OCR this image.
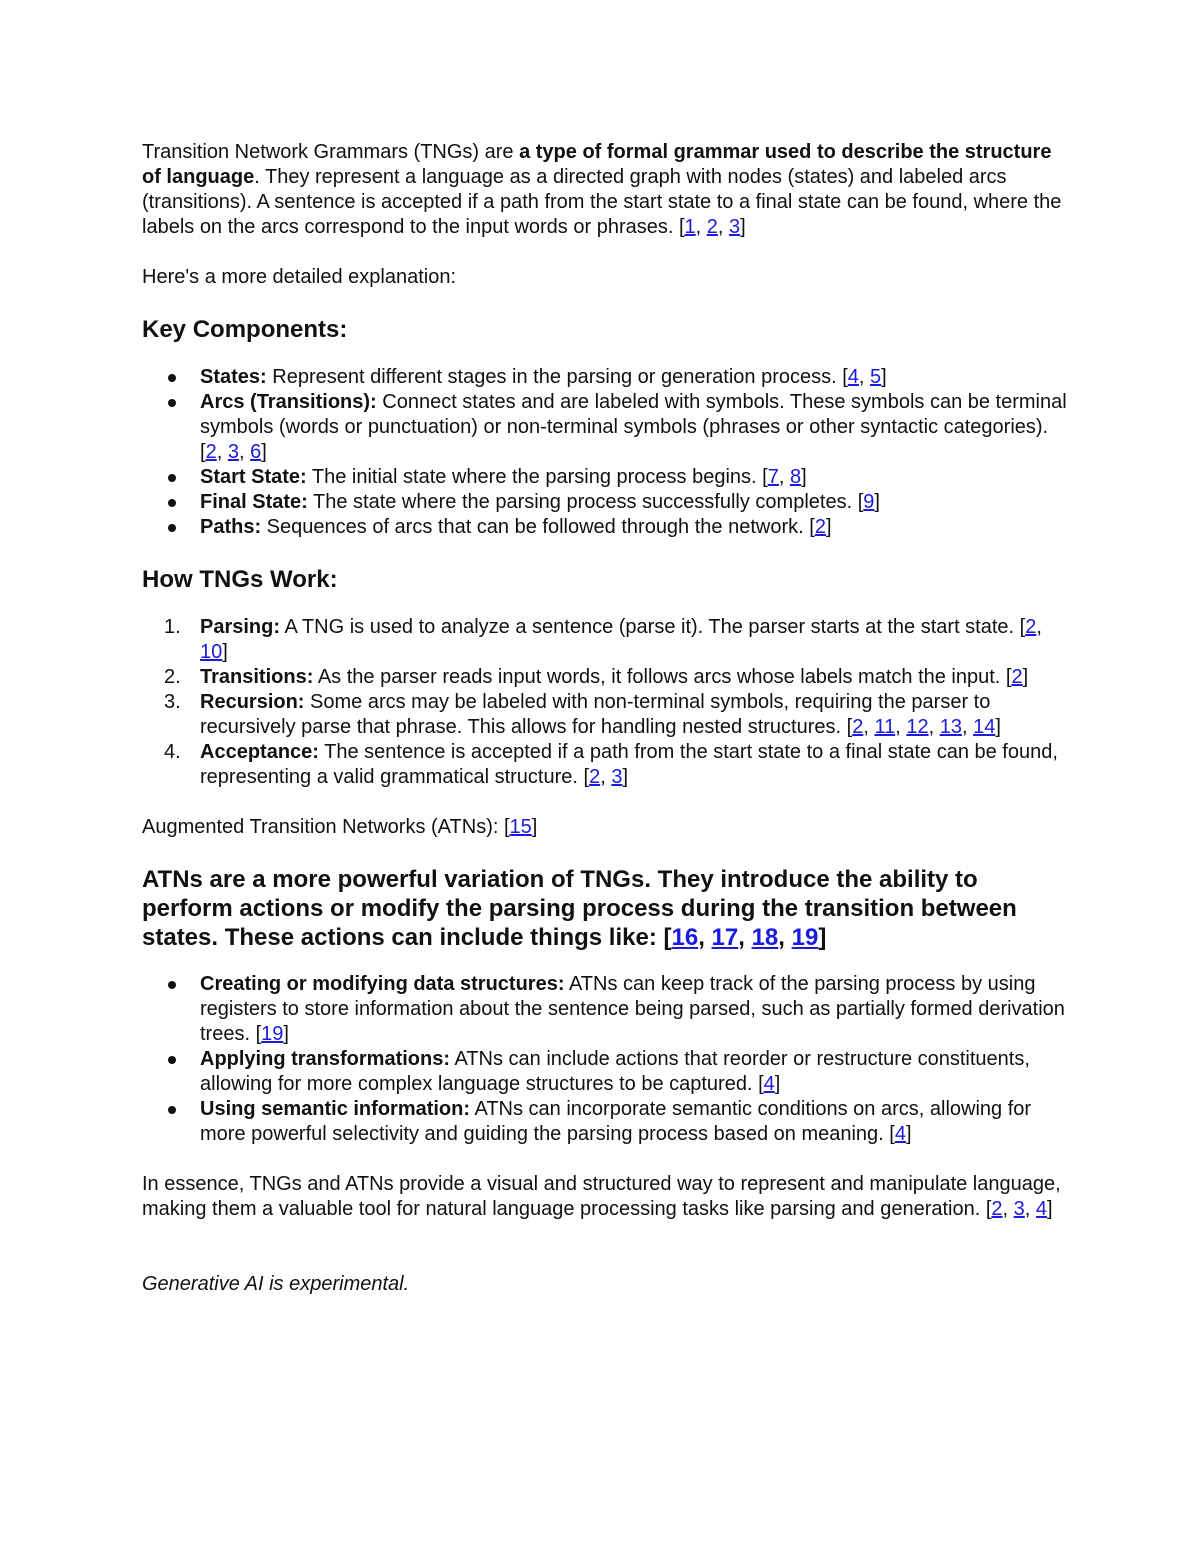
Transition Network Grammars (TNGs) are a type of formal grammar used to describe the structure of language. They represent a language as a directed graph with nodes (states) and labeled arcs (transitions). A sentence is accepted if a path from the start state to a final state can be found, where the labels on the arcs correspond to the input words or phrases. [1, 2, 3]

Here's a more detailed explanation:

Key Components:
States: Represent different stages in the parsing or generation process. [4, 5]
Arcs (Transitions): Connect states and are labeled with symbols. These symbols can be terminal symbols (words or punctuation) or non-terminal symbols (phrases or other syntactic categories). [2, 3, 6]
Start State: The initial state where the parsing process begins. [7, 8]
Final State: The state where the parsing process successfully completes. [9]
Paths: Sequences of arcs that can be followed through the network. [2]
How TNGs Work:
1. Parsing: A TNG is used to analyze a sentence (parse it). The parser starts at the start state. [2, 10]
2. Transitions: As the parser reads input words, it follows arcs whose labels match the input. [2]
3. Recursion: Some arcs may be labeled with non-terminal symbols, requiring the parser to recursively parse that phrase. This allows for handling nested structures. [2, 11, 12, 13, 14]
4. Acceptance: The sentence is accepted if a path from the start state to a final state can be found, representing a valid grammatical structure. [2, 3]

Augmented Transition Networks (ATNs): [15]

ATNs are a more powerful variation of TNGs. They introduce the ability to perform actions or modify the parsing process during the transition between states. These actions can include things like: [16, 17, 18, 19]
Creating or modifying data structures: ATNs can keep track of the parsing process by using registers to store information about the sentence being parsed, such as partially formed derivation trees. [19]
Applying transformations: ATNs can include actions that reorder or restructure constituents, allowing for more complex language structures to be captured. [4]
Using semantic information: ATNs can incorporate semantic conditions on arcs, allowing for more powerful selectivity and guiding the parsing process based on meaning. [4]

In essence, TNGs and ATNs provide a visual and structured way to represent and manipulate language, making them a valuable tool for natural language processing tasks like parsing and generation. [2, 3, 4]

Generative AI is experimental.
